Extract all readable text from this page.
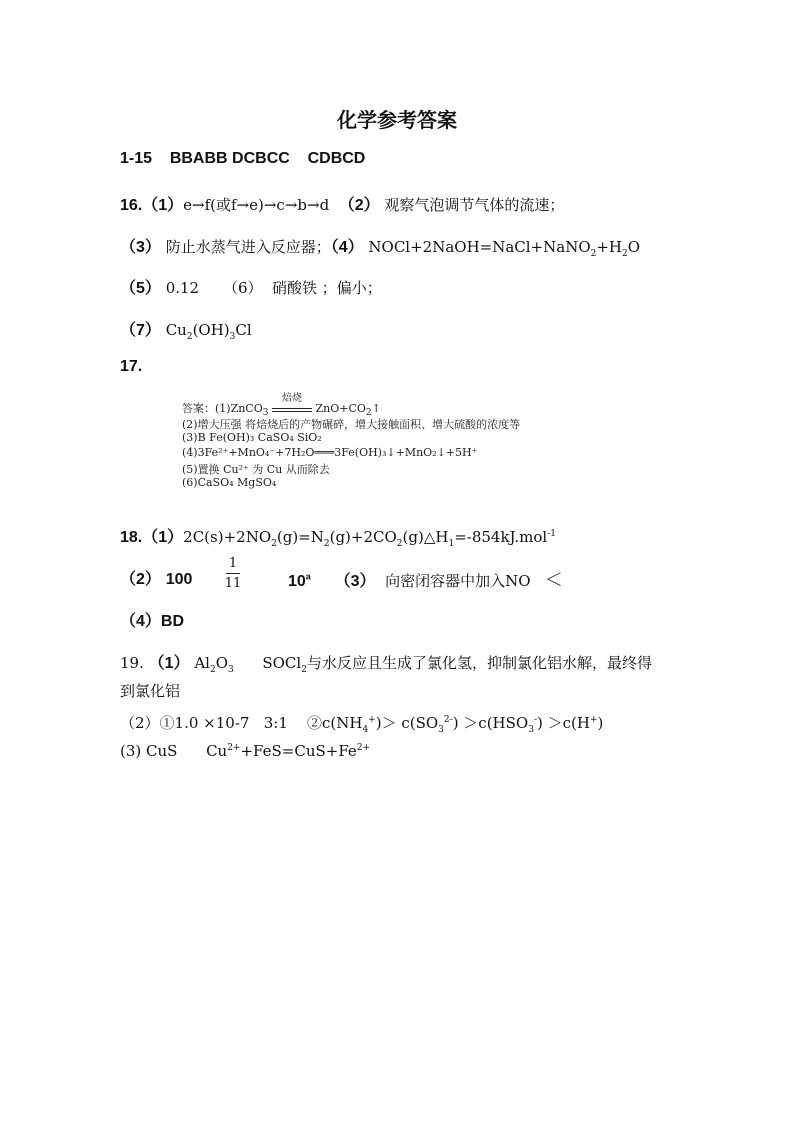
化学参考答案
1-15 BBABB DCBCC    CDBCD
16.（1）e→f(或f→e)→c→b→d （2） 观察气泡调节气体的流速；
（3） 防止水蒸气进入反应器；（4） $NOCl+2NaOH=NaCl+NaNO_2+H_2O$
（5） 0.12 （6） 硝酸铁 ；偏小；
（7） $Cu_2(OH)_3Cl$
17.
答案：(1)ZnCO$_3$
焙烧
$ZnO+CO_2↑$
(2)增大压强 将焙烧后的产物碾碎，增大接触面积、增大硫酸的浓度等
(3)B Fe(OH)₃ CaSO₄ SiO₂
(4)3Fe²⁺+MnO₄⁻+7H₂O═══3Fe(OH)₃↓+MnO₂↓+5H⁺
(5)置换 Cu²⁺ 为 Cu 从而除去
(6)CaSO₄ MgSO₄
$18.(1)2C(s)+2NO_2(g)=N_2(g)+2CO_2(g)\triangle H_1=-854kJ.mol^{-1}$
（2） 100
1
11	10$^a$ （3） 向密闭容器中加入NO ＜
（4）BD
19. （1） $Al_2O_3$ SOCl$_2$与水反应且生成了氯化氢，抑制氯化铝水解，最终得
到氯化铝
（2）①1.0 ×10-7   3:1 $②c(NH_4^+)> c(SO_3^{2-}) >c(HSO_3^-) >c(H^+)$
(3) CuS $Cu^{2+}+FeS=CuS+Fe^{2+}$
